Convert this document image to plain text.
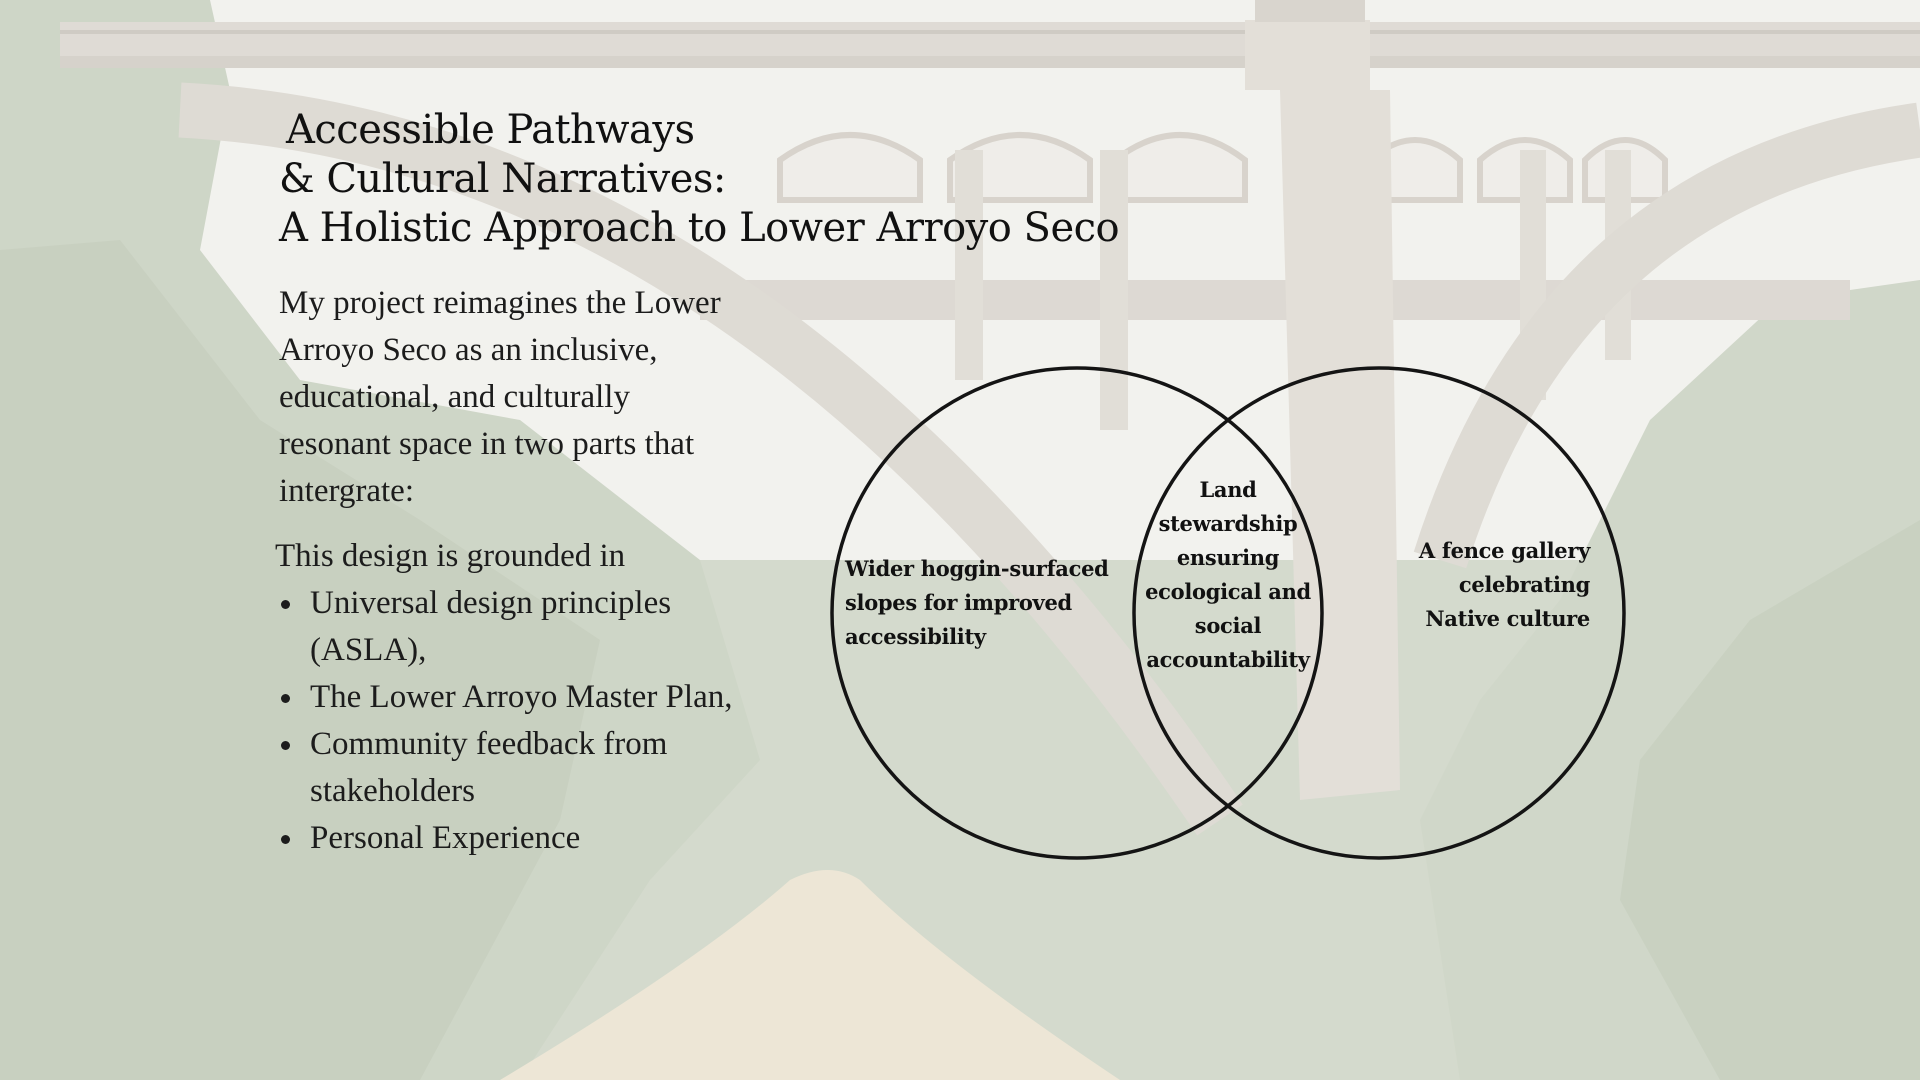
Accessible Pathways
& Cultural Narratives:
A Holistic Approach to Lower Arroyo Seco

My project reimagines the Lower Arroyo Seco as an inclusive, educational, and culturally resonant space in two parts that intergrate:

This design is grounded in

Universal design principles (ASLA),
The Lower Arroyo Master Plan,
Community feedback from stakeholders
Personal Experience
Wider hoggin-surfaced
slopes for improved
accessibility
Land
stewardship
ensuring
ecological and
social
accountability
A fence gallery
celebrating
Native culture
